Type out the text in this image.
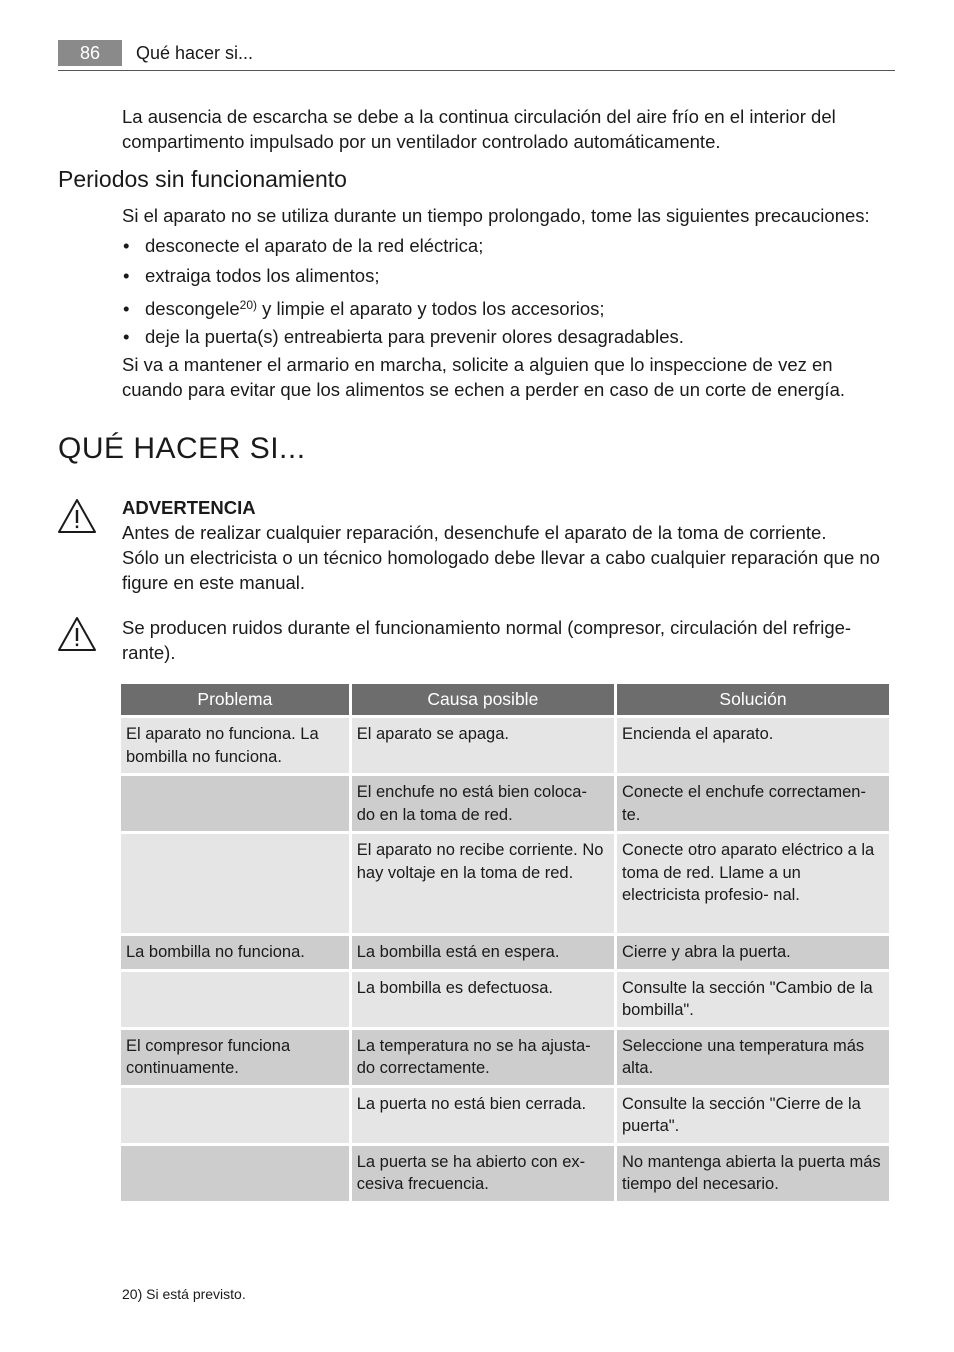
86	Qué hacer si...

La ausencia de escarcha se debe a la continua circulación del aire frío en el interior del compartimento impulsado por un ventilador controlado automáticamente.

Periodos sin funcionamiento

Si el aparato no se utiliza durante un tiempo prolongado, tome las siguientes precauciones:

• desconecte el aparato de la red eléctrica;
• extraiga todos los alimentos;
• descongele$^{20)}$ y limpie el aparato y todos los accesorios;
• deje la puerta(s) entreabierta para prevenir olores desagradables.

Si va a mantener el armario en marcha, solicite a alguien que lo inspeccione de vez en cuando para evitar que los alimentos se echen a perder en caso de un corte de energía.

QUÉ HACER SI...
ADVERTENCIA
Antes de realizar cualquier reparación, desenchufe el aparato de la toma de corriente.
Sólo un electricista o un técnico homologado debe llevar a cabo cualquier reparación que no figure en este manual.

Se producen ruidos durante el funcionamiento normal (compresor, circulación del refrige- rante).

Problema	Causa posible	Solución
El aparato no funciona. La bombilla no funciona.	El aparato se apaga.	Encienda el aparato.
	El enchufe no está bien coloca- do en la toma de red.	Conecte el enchufe correctamen- te.
	El aparato no recibe corriente. No hay voltaje en la toma de red.	Conecte otro aparato eléctrico a la toma de red. Llame a un electricista profesio- nal.
La bombilla no funciona.	La bombilla está en espera.	Cierre y abra la puerta.
	La bombilla es defectuosa.	Consulte la sección "Cambio de la bombilla".
El compresor funciona continuamente.	La temperatura no se ha ajusta- do correctamente.	Seleccione una temperatura más alta.
	La puerta no está bien cerrada.	Consulte la sección "Cierre de la puerta".
	La puerta se ha abierto con ex- cesiva frecuencia.	No mantenga abierta la puerta más tiempo del necesario.
20) Si está previsto.
